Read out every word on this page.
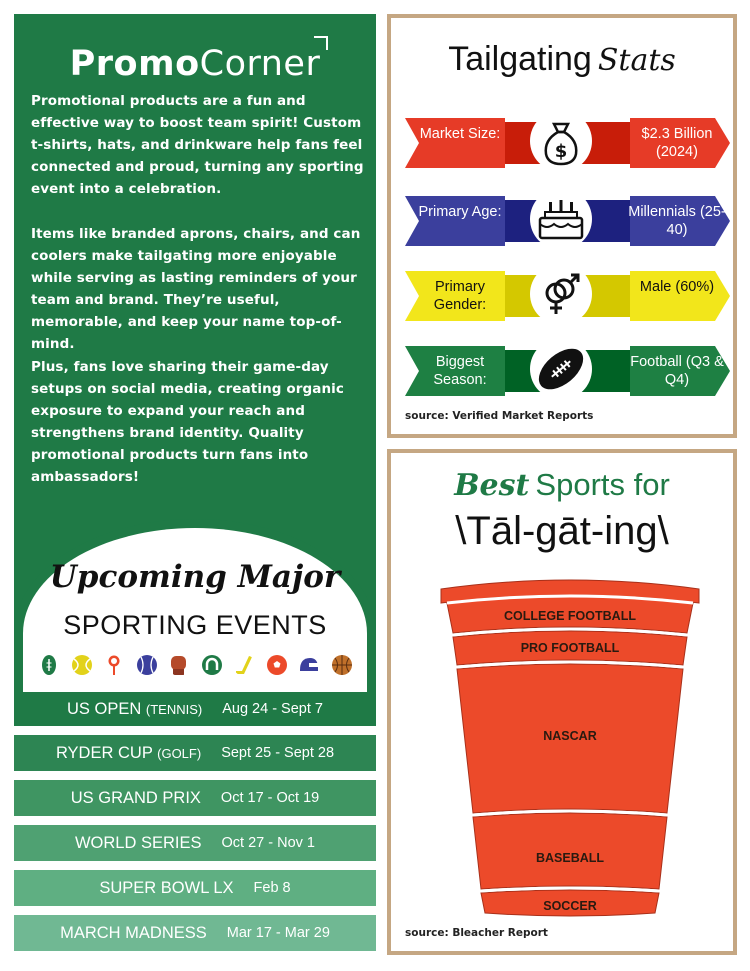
PromoCorner

Promotional products are a fun and effective way to boost team spirit! Custom t-shirts, hats, and drinkware help fans feel connected and proud, turning any sporting event into a celebration.

Items like branded aprons, chairs, and can coolers make tailgating more enjoyable while serving as lasting reminders of your team and brand. They’re useful, memorable, and keep your name top-of-mind.

Plus, fans love sharing their game-day setups on social media, creating organic exposure to expand your reach and strengthens brand identity. Quality promotional products turn fans into ambassadors!

Upcoming Major
SPORTING EVENTS
US OPEN (TENNIS) Aug 24 - Sept 7
RYDER CUP (GOLF) Sept 25 - Sept 28
US GRAND PRIX Oct 17 - Oct 19
WORLD SERIES Oct 27 - Nov 1
SUPER BOWL LX Feb 8
MARCH MADNESS Mar 17 - Mar 29
Tailgating Stats
Market Size:
$
$2.3 Billion (2024)
Primary Age:	Millennials (25-40)
Primary Gender:
Male (60%)
Biggest Season:
Football (Q3 & Q4)
source: Verified Market Reports
Best Sports for
\Tāl-gāt-ing\
COLLEGE FOOTBALL
PRO FOOTBALL
NASCAR
BASEBALL
SOCCER
source: Bleacher Report
